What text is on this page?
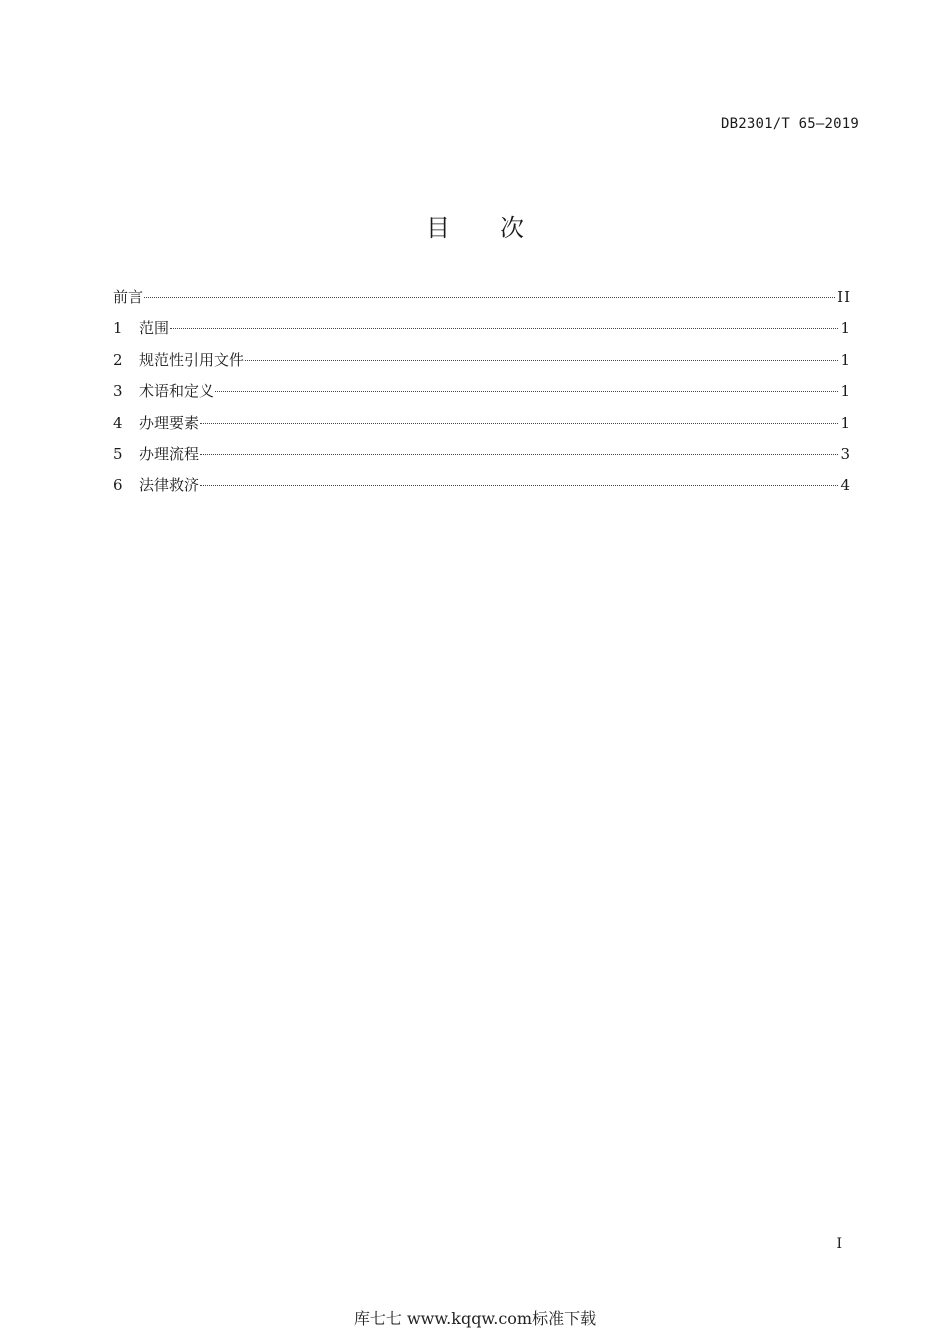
DB2301/T 65—2019
目 次
前言	II
1	范围	1
2	规范性引用文件	1
3	术语和定义	1
4	办理要素	1
5	办理流程	3
6	法律救济	4
I
库七七 www.kqqw.com标准下载
